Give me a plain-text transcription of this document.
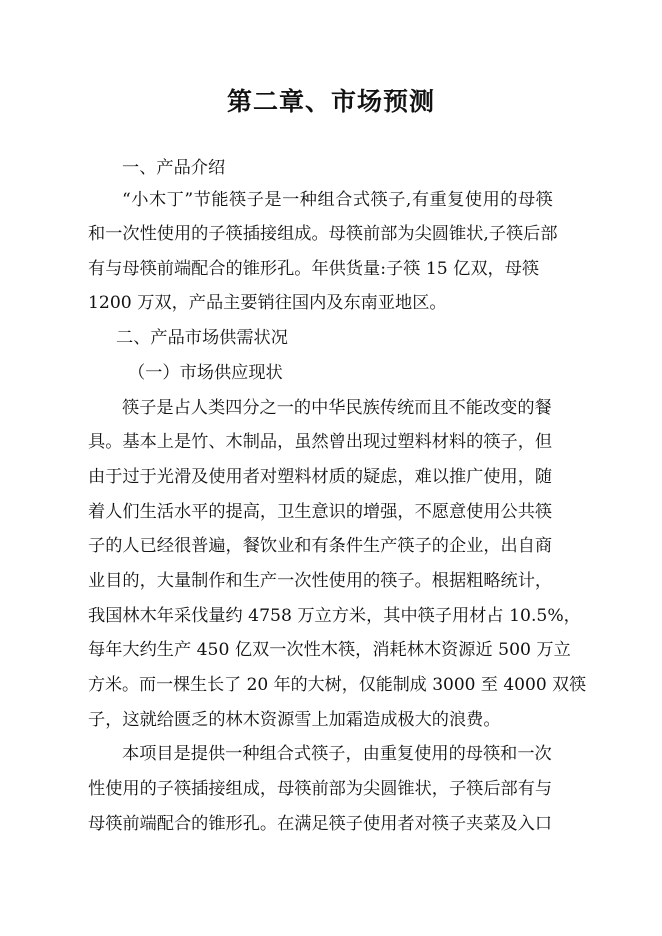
第二章、市场预测

一、产品介绍

“小木丁”节能筷子是一种组合式筷子,有重复使用的母筷

和一次性使用的子筷插接组成。母筷前部为尖圆锥状,子筷后部

有与母筷前端配合的锥形孔。年供货量:子筷 15 亿双，母筷

1200 万双，产品主要销往国内及东南亚地区。

二、产品市场供需状况

（一）市场供应现状

筷子是占人类四分之一的中华民族传统而且不能改变的餐

具。基本上是竹、木制品，虽然曾出现过塑料材料的筷子，但

由于过于光滑及使用者对塑料材质的疑虑，难以推广使用，随

着人们生活水平的提高，卫生意识的增强，不愿意使用公共筷

子的人已经很普遍，餐饮业和有条件生产筷子的企业，出自商

业目的，大量制作和生产一次性使用的筷子。根据粗略统计，

我国林木年采伐量约 4758 万立方米，其中筷子用材占 10.5%，

每年大约生产 450 亿双一次性木筷，消耗林木资源近 500 万立

方米。而一棵生长了 20 年的大树，仅能制成 3000 至 4000 双筷

子，这就给匮乏的林木资源雪上加霜造成极大的浪费。

本项目是提供一种组合式筷子，由重复使用的母筷和一次

性使用的子筷插接组成，母筷前部为尖圆锥状，子筷后部有与

母筷前端配合的锥形孔。在满足筷子使用者对筷子夹菜及入口
